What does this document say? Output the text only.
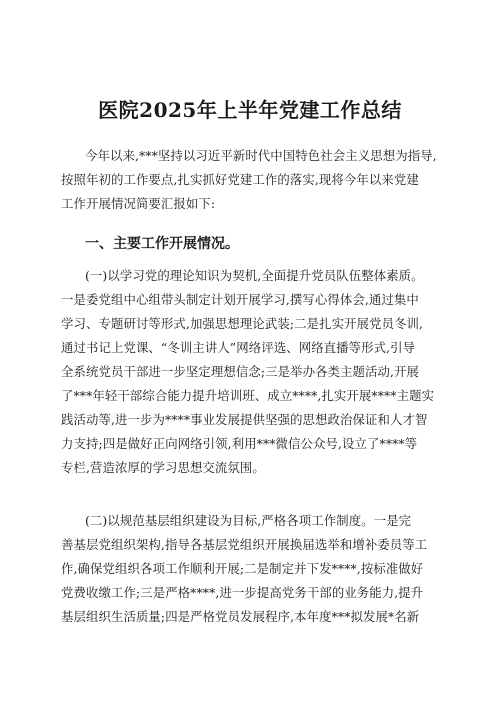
医院2025年上半年党建工作总结
今年以来,***坚持以习近平新时代中国特色社会主义思想为指导,
按照年初的工作要点,扎实抓好党建工作的落实,现将今年以来党建
工作开展情况简要汇报如下:
一、主要工作开展情况。
(一)以学习党的理论知识为契机,全面提升党员队伍整体素质。
一是委党组中心组带头制定计划开展学习,撰写心得体会,通过集中
学习、专题研讨等形式,加强思想理论武装;二是扎实开展党员冬训,
通过书记上党课、“冬训主讲人”网络评选、网络直播等形式,引导
全系统党员干部进一步坚定理想信念;三是举办各类主题活动,开展
了***年轻干部综合能力提升培训班、成立****,扎实开展****主题实
践活动等,进一步为****事业发展提供坚强的思想政治保证和人才智
力支持;四是做好正向网络引领,利用***微信公众号,设立了****等
专栏,营造浓厚的学习思想交流氛围。
(二)以规范基层组织建设为目标,严格各项工作制度。一是完
善基层党组织架构,指导各基层党组织开展换届选举和增补委员等工
作,确保党组织各项工作顺利开展;二是制定并下发****,按标准做好
党费收缴工作;三是严格****,进一步提高党务干部的业务能力,提升
基层组织生活质量;四是严格党员发展程序,本年度***拟发展*名新
